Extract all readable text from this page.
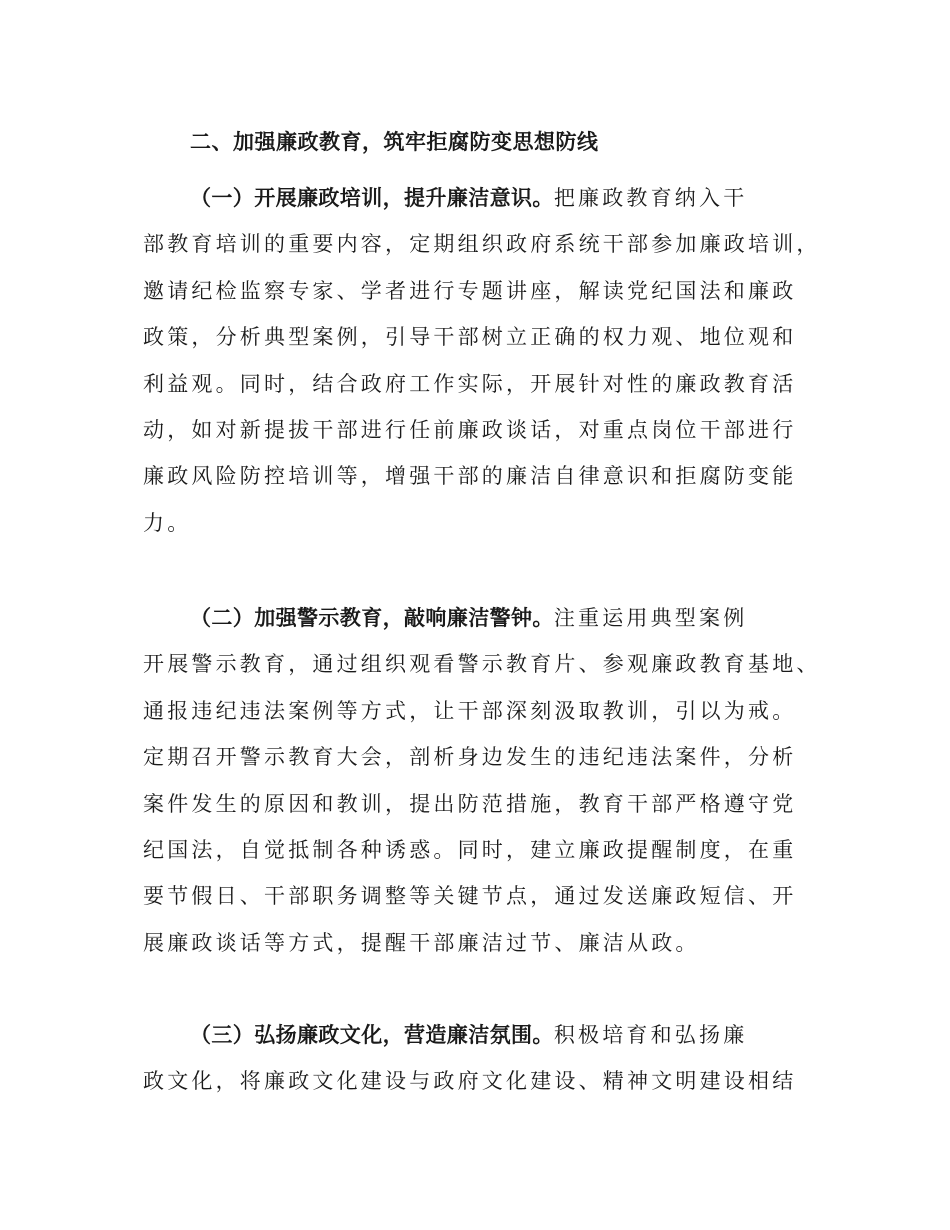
二、加强廉政教育，筑牢拒腐防变思想防线
（一）开展廉政培训，提升廉洁意识。把廉政教育纳入干
部教育培训的重要内容，定期组织政府系统干部参加廉政培训，
邀请纪检监察专家、学者进行专题讲座，解读党纪国法和廉政
政策，分析典型案例，引导干部树立正确的权力观、地位观和
利益观。同时，结合政府工作实际，开展针对性的廉政教育活
动，如对新提拔干部进行任前廉政谈话，对重点岗位干部进行
廉政风险防控培训等，增强干部的廉洁自律意识和拒腐防变能
力。
（二）加强警示教育，敲响廉洁警钟。注重运用典型案例
开展警示教育，通过组织观看警示教育片、参观廉政教育基地、
通报违纪违法案例等方式，让干部深刻汲取教训，引以为戒。
定期召开警示教育大会，剖析身边发生的违纪违法案件，分析
案件发生的原因和教训，提出防范措施，教育干部严格遵守党
纪国法，自觉抵制各种诱惑。同时，建立廉政提醒制度，在重
要节假日、干部职务调整等关键节点，通过发送廉政短信、开
展廉政谈话等方式，提醒干部廉洁过节、廉洁从政。
（三）弘扬廉政文化，营造廉洁氛围。积极培育和弘扬廉
政文化，将廉政文化建设与政府文化建设、精神文明建设相结
